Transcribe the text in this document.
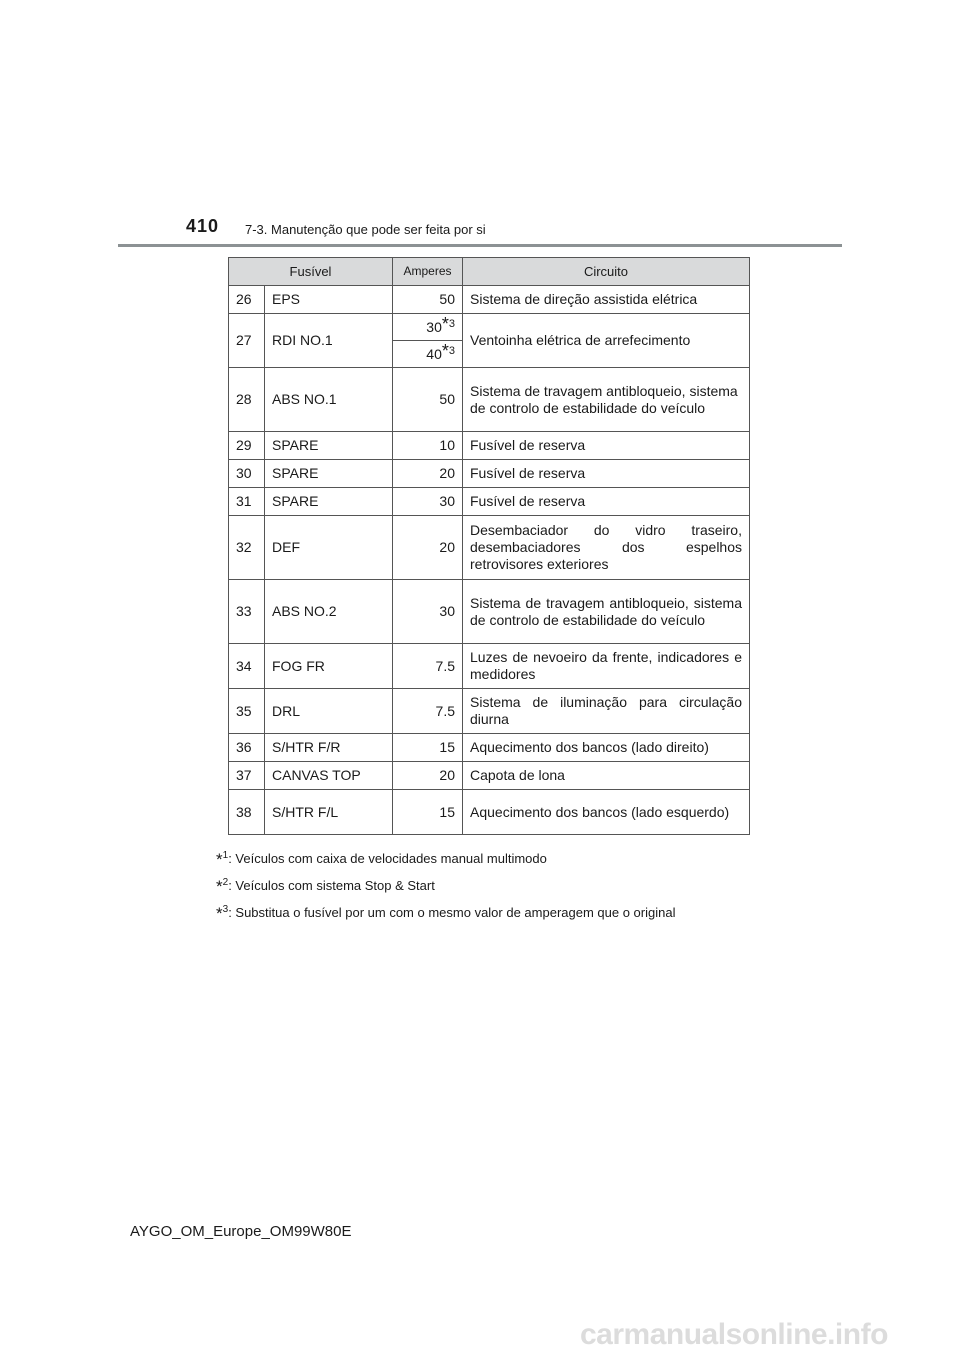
410 7-3. Manutenção que pode ser feita por si
Fusível		Amperes	Circuito
26	EPS	50	Sistema de direção assistida elétrica
27	RDI NO.1	30$^{*3}$	Ventoinha elétrica de arrefecimento
		40$^{*3}$
28	ABS NO.1	50	Sistema de travagem antibloqueio, sistema de controlo de estabilidade do veículo
29	SPARE	10	Fusível de reserva
30	SPARE	20	Fusível de reserva
31	SPARE	30	Fusível de reserva
32	DEF	20	Desembaciador do vidro traseiro, desembaciadores dos espelhos retrovisores exteriores
33	ABS NO.2	30	Sistema de travagem antibloqueio, sistema de controlo de estabilidade do veículo
34	FOG FR	7.5	Luzes de nevoeiro da frente, indicadores e medidores
35	DRL	7.5	Sistema de iluminação para circulação diurna
36	S/HTR F/R	15	Aquecimento dos bancos (lado direito)
37	CANVAS TOP	20	Capota de lona
38	S/HTR F/L	15	Aquecimento dos bancos (lado esquerdo)
*$^1$: Veículos com caixa de velocidades manual multimodo
*$^2$: Veículos com sistema Stop & Start
*$^3$: Substitua o fusível por um com o mesmo valor de amperagem que o original
AYGO_OM_Europe_OM99W80E
carmanualsonline.info
